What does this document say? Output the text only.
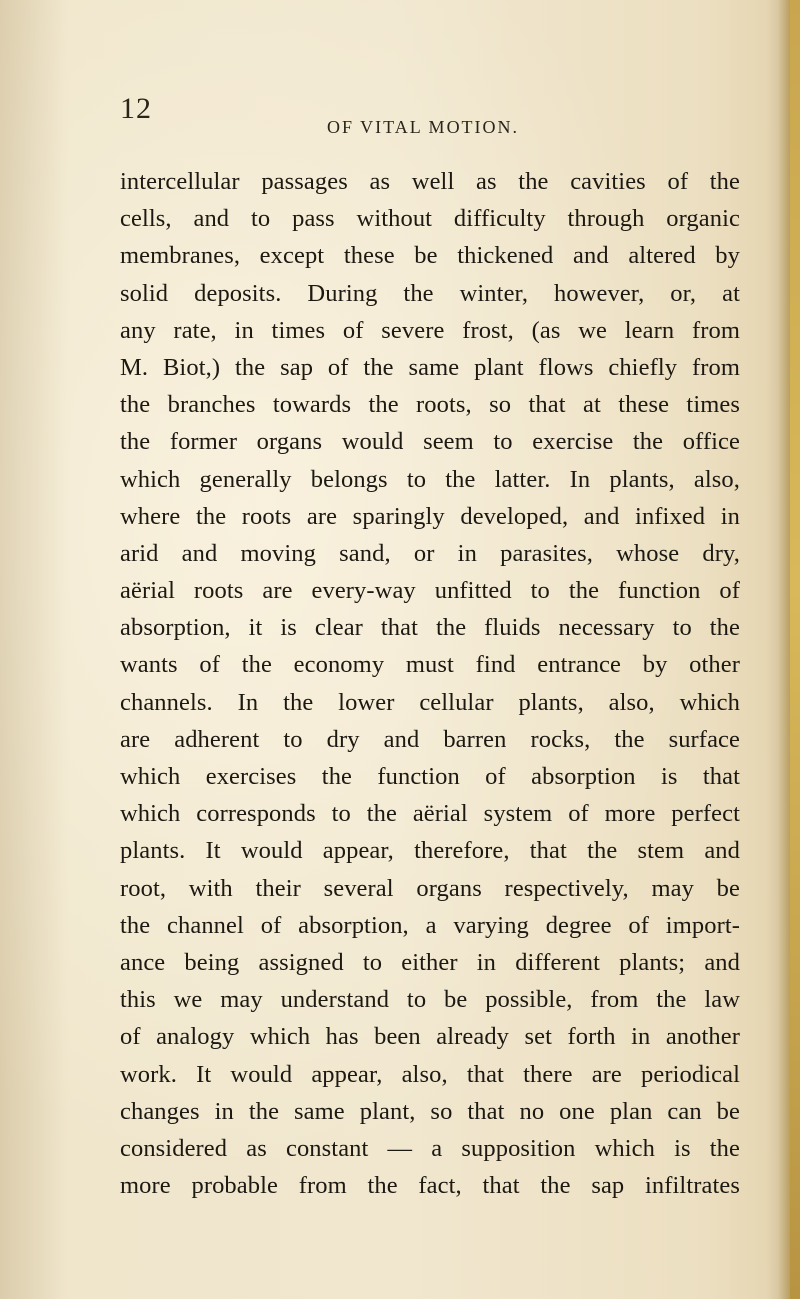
12
OF VITAL MOTION.
intercellular passages as well as the cavities of the
cells, and to pass without difficulty through organic
membranes, except these be thickened and altered by
solid deposits. During the winter, however, or, at
any rate, in times of severe frost, (as we learn from
M. Biot,) the sap of the same plant flows chiefly from
the branches towards the roots, so that at these times
the former organs would seem to exercise the office
which generally belongs to the latter. In plants, also,
where the roots are sparingly developed, and infixed in
arid and moving sand, or in parasites, whose dry,
aërial roots are every-way unfitted to the function of
absorption, it is clear that the fluids necessary to the
wants of the economy must find entrance by other
channels. In the lower cellular plants, also, which
are adherent to dry and barren rocks, the surface
which exercises the function of absorption is that
which corresponds to the aërial system of more perfect
plants. It would appear, therefore, that the stem and
root, with their several organs respectively, may be
the channel of absorption, a varying degree of import-
ance being assigned to either in different plants; and
this we may understand to be possible, from the law
of analogy which has been already set forth in another
work. It would appear, also, that there are periodical
changes in the same plant, so that no one plan can be
considered as constant — a supposition which is the
more probable from the fact, that the sap infiltrates
